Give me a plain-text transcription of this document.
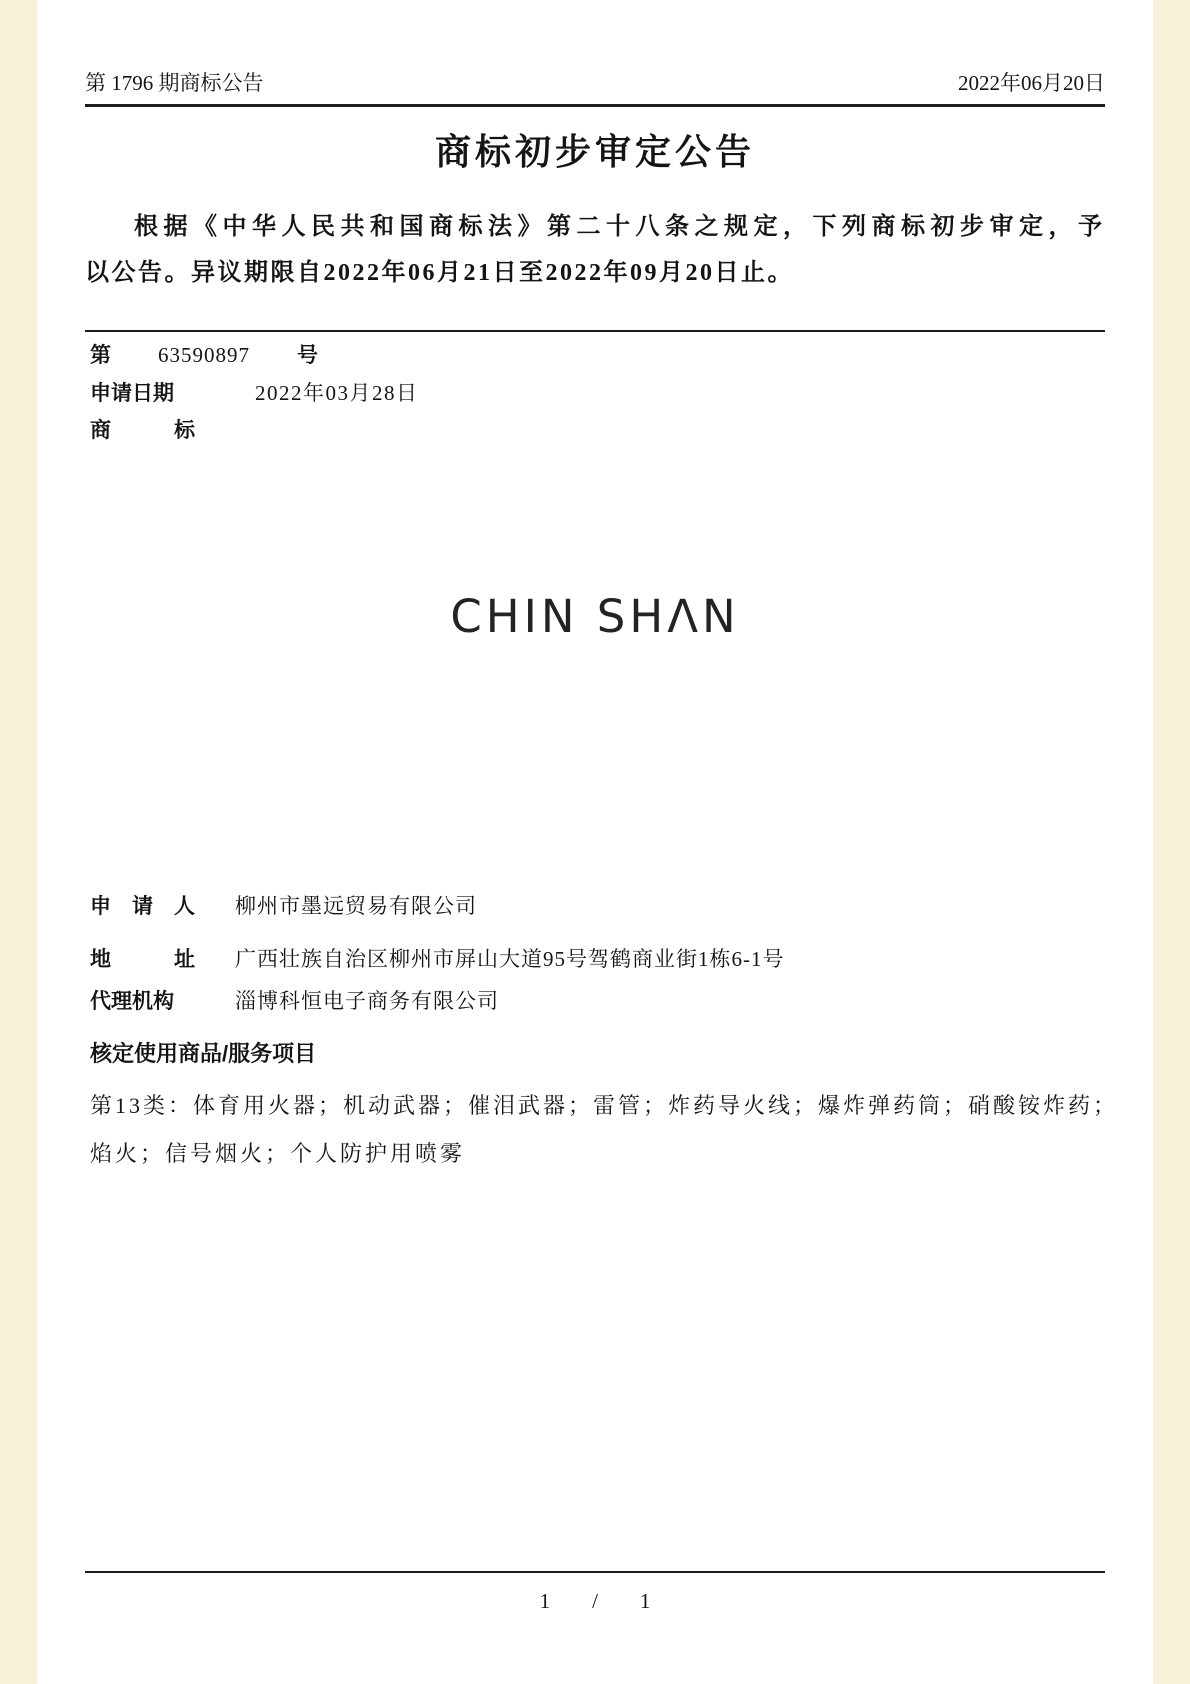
第 1796 期商标公告	2022年06月20日
商标初步审定公告
根据《中华人民共和国商标法》第二十八条之规定，下列商标初步审定，予
以公告。异议期限自2022年06月21日至2022年09月20日止。
第 63590897 号
申请日期	2022年03月28日
商　　　标
CHIN SHΛN
申　请　人	柳州市墨远贸易有限公司
地　　　址	广西壮族自治区柳州市屏山大道95号驾鹤商业街1栋6-1号
代理机构	淄博科恒电子商务有限公司
核定使用商品/服务项目
第13类：体育用火器；机动武器；催泪武器；雷管；炸药导火线；爆炸弹药筒；硝酸铵炸药；
焰火；信号烟火；个人防护用喷雾
1 / 1
